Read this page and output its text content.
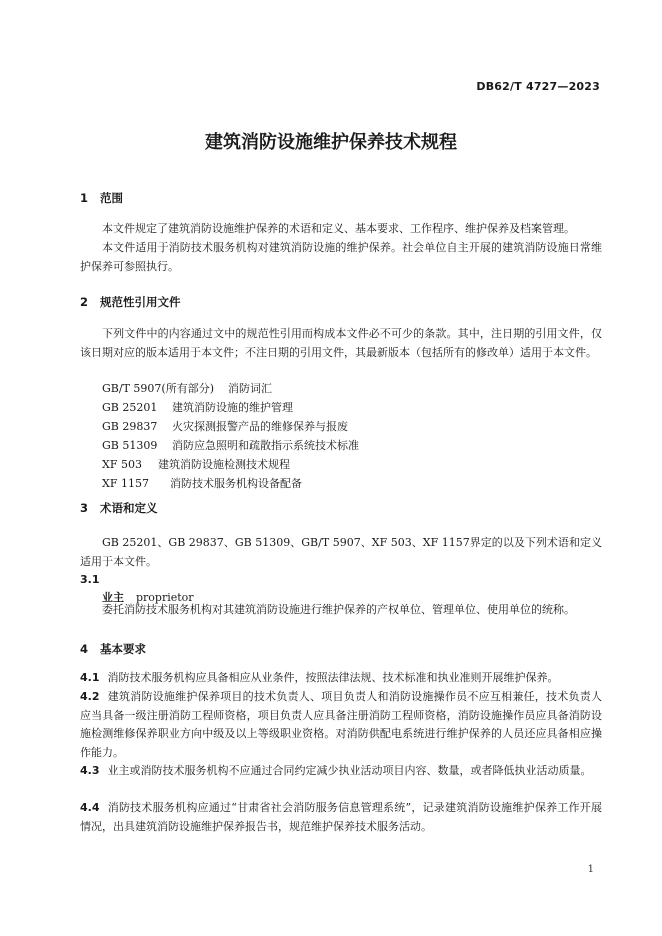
DB62/T 4727—2023
建筑消防设施维护保养技术规程
1 范围
本文件规定了建筑消防设施维护保养的术语和定义、基本要求、工作程序、维护保养及档案管理。
本文件适用于消防技术服务机构对建筑消防设施的维护保养。社会单位自主开展的建筑消防设施日常维护保养可参照执行。
2 规范性引用文件
下列文件中的内容通过文中的规范性引用而构成本文件必不可少的条款。其中，注日期的引用文件，仅该日期对应的版本适用于本文件；不注日期的引用文件，其最新版本（包括所有的修改单）适用于本文件。
GB/T 5907(所有部分) 消防词汇
GB 25201 建筑消防设施的维护管理
GB 29837 火灾探测报警产品的维修保养与报废
GB 51309 消防应急照明和疏散指示系统技术标准
XF 503 建筑消防设施检测技术规程
XF 1157 消防技术服务机构设备配备
3 术语和定义
GB 25201、GB 29837、GB 51309、GB/T 5907、XF 503、XF 1157界定的以及下列术语和定义适用于本文件。
3.1
业主 proprietor
委托消防技术服务机构对其建筑消防设施进行维护保养的产权单位、管理单位、使用单位的统称。
4 基本要求
4.1 消防技术服务机构应具备相应从业条件，按照法律法规、技术标准和执业准则开展维护保养。
4.2 建筑消防设施维护保养项目的技术负责人、项目负责人和消防设施操作员不应互相兼任，技术负责人应当具备一级注册消防工程师资格，项目负责人应具备注册消防工程师资格，消防设施操作员应具备消防设施检测维修保养职业方向中级及以上等级职业资格。对消防供配电系统进行维护保养的人员还应具备相应操作能力。
4.3 业主或消防技术服务机构不应通过合同约定减少执业活动项目内容、数量，或者降低执业活动质量。
4.4 消防技术服务机构应通过“甘肃省社会消防服务信息管理系统”，记录建筑消防设施维护保养工作开展情况，出具建筑消防设施维护保养报告书，规范维护保养技术服务活动。
1
